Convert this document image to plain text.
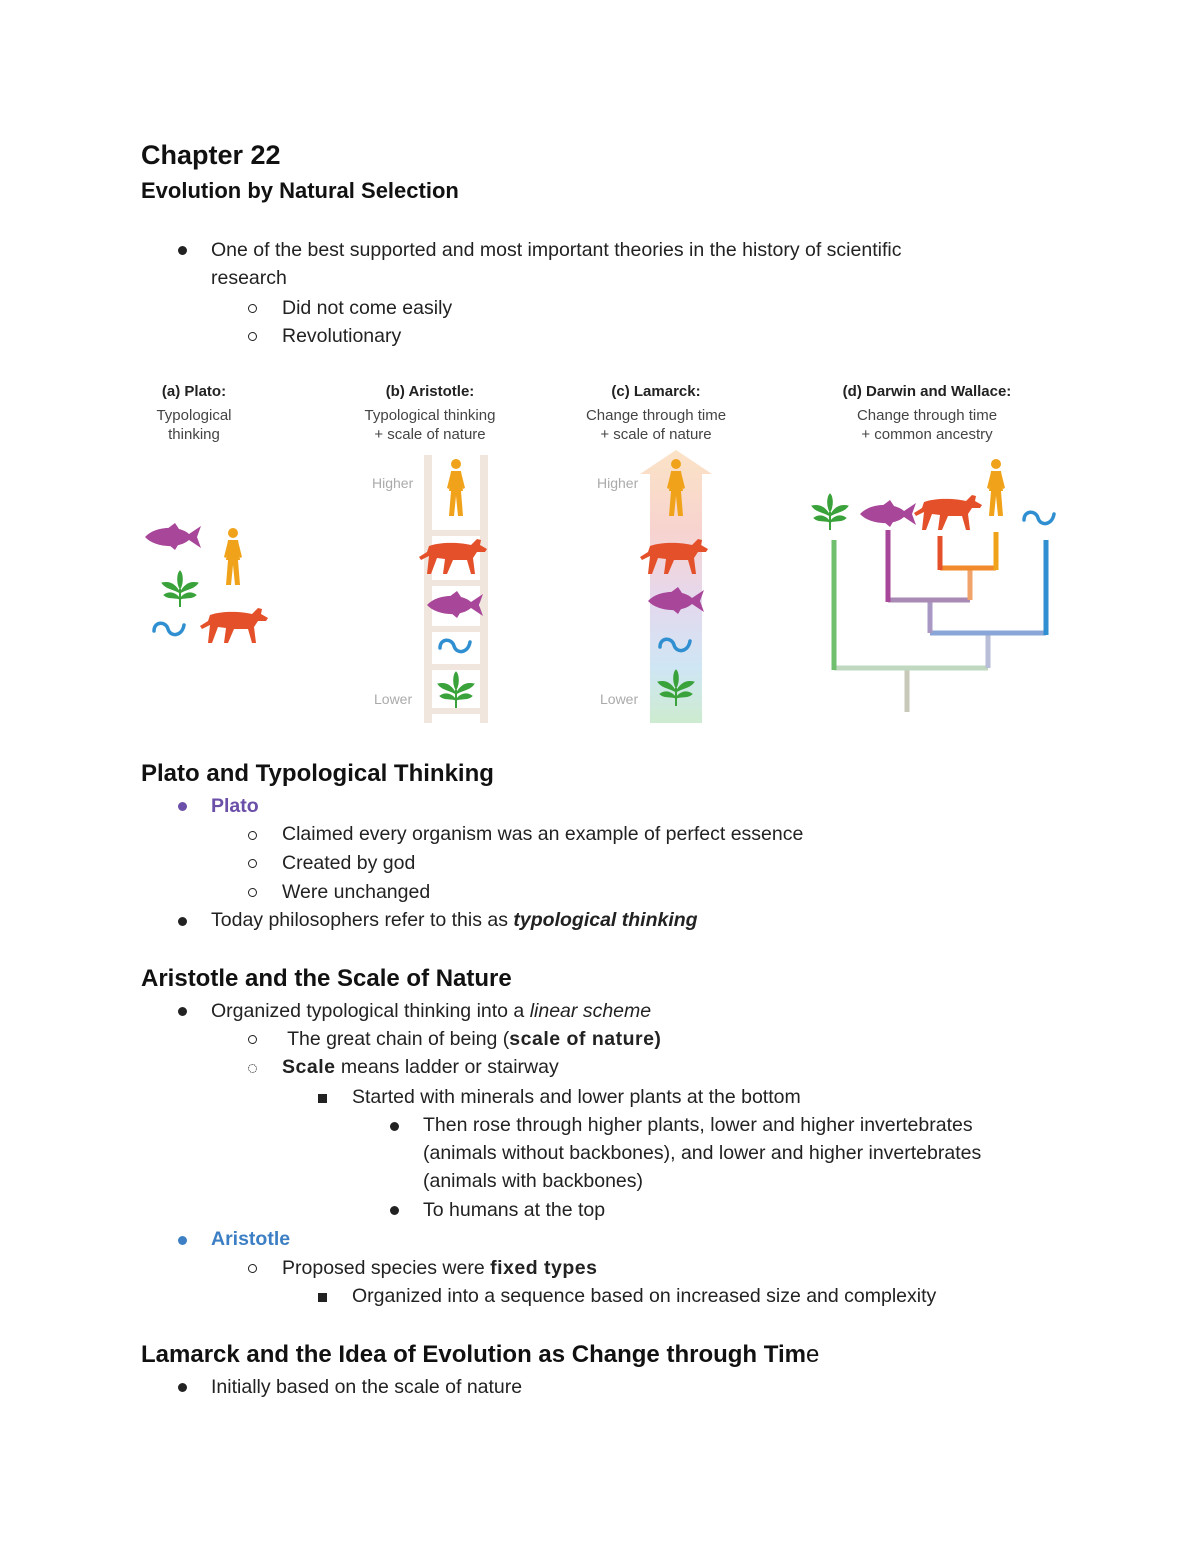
Chapter 22
Evolution by Natural Selection
One of the best supported and most important theories in the history of scientific
research
Did not come easily
Revolutionary
(a) Plato:
Typological
thinking
(b) Aristotle:
Typological thinking
+ scale of nature
Higher
Lower
(c) Lamarck:
Change through time
+ scale of nature
Higher
Lower
(d) Darwin and Wallace:
Change through time
+ common ancestry
Plato and Typological Thinking
Plato
Claimed every organism was an example of perfect essence
Created by god
Were unchanged
Today philosophers refer to this as typological thinking
Aristotle and the Scale of Nature
Organized typological thinking into a linear scheme
The great chain of being (scale of nature)
Scale means ladder or stairway
Started with minerals and lower plants at the bottom
Then rose through higher plants, lower and higher invertebrates
(animals without backbones), and lower and higher invertebrates
(animals with backbones)
To humans at the top
Aristotle
Proposed species were fixed types
Organized into a sequence based on increased size and complexity
Lamarck and the Idea of Evolution as Change through Time
Initially based on the scale of nature
